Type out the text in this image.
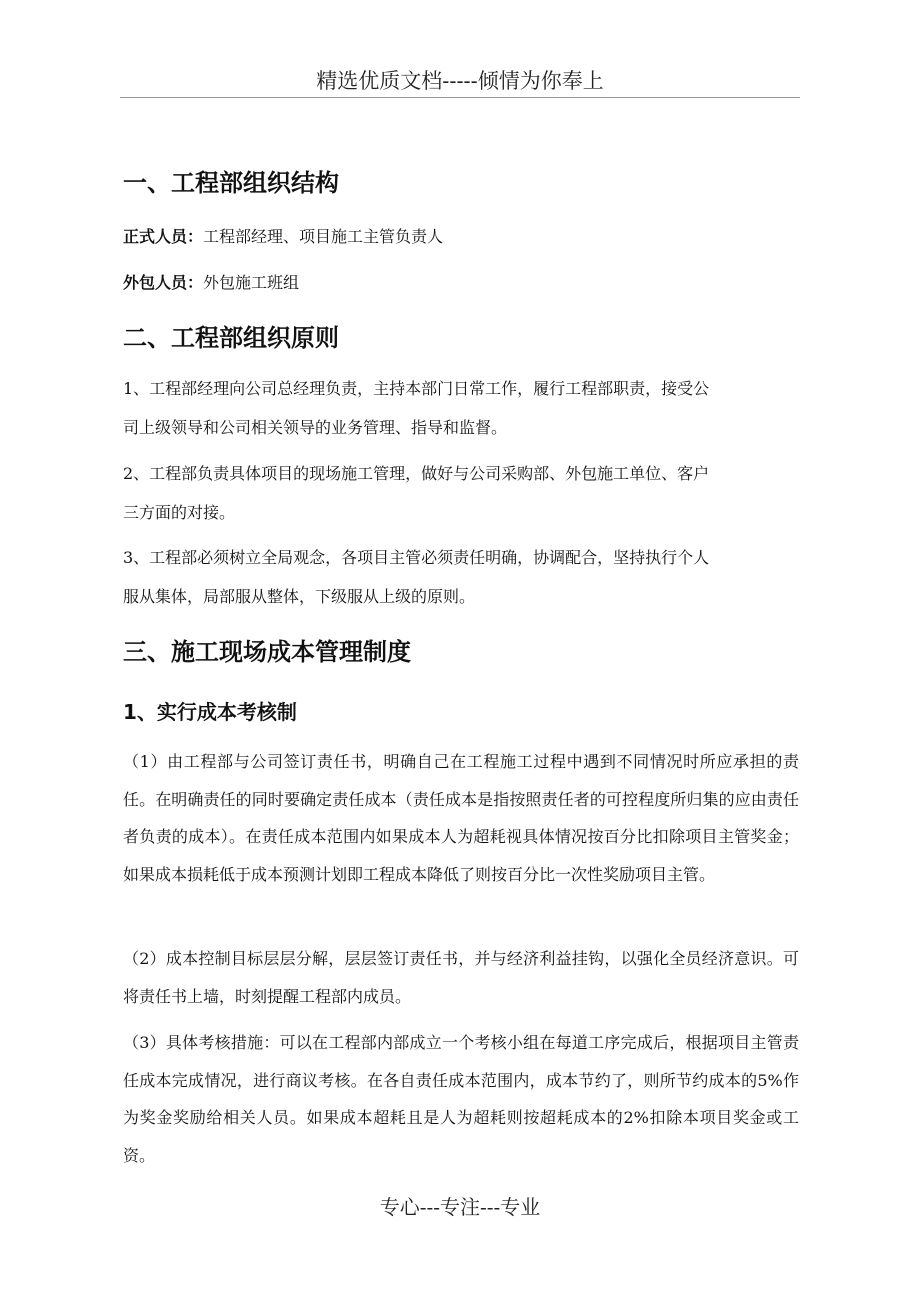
精选优质文档-----倾情为你奉上
一、工程部组织结构
正式人员：工程部经理、项目施工主管负责人
外包人员：外包施工班组
二、工程部组织原则
1、工程部经理向公司总经理负责，主持本部门日常工作，履行工程部职责，接受公
司上级领导和公司相关领导的业务管理、指导和监督。
2、工程部负责具体项目的现场施工管理，做好与公司采购部、外包施工单位、客户
三方面的对接。
3、工程部必须树立全局观念，各项目主管必须责任明确，协调配合，坚持执行个人
服从集体，局部服从整体，下级服从上级的原则。
三、施工现场成本管理制度
1、实行成本考核制
（1）由工程部与公司签订责任书，明确自己在工程施工过程中遇到不同情况时所应承担的责任。在明确责任的同时要确定责任成本（责任成本是指按照责任者的可控程度所归集的应由责任者负责的成本）。在责任成本范围内如果成本人为超耗视具体情况按百分比扣除项目主管奖金；如果成本损耗低于成本预测计划即工程成本降低了则按百分比一次性奖励项目主管。
（2）成本控制目标层层分解，层层签订责任书，并与经济利益挂钩，以强化全员经济意识。可将责任书上墙，时刻提醒工程部内成员。
（3）具体考核措施：可以在工程部内部成立一个考核小组在每道工序完成后，根据项目主管责任成本完成情况，进行商议考核。在各自责任成本范围内，成本节约了，则所节约成本的5%作为奖金奖励给相关人员。如果成本超耗且是人为超耗则按超耗成本的2%扣除本项目奖金或工资。
专心---专注---专业
